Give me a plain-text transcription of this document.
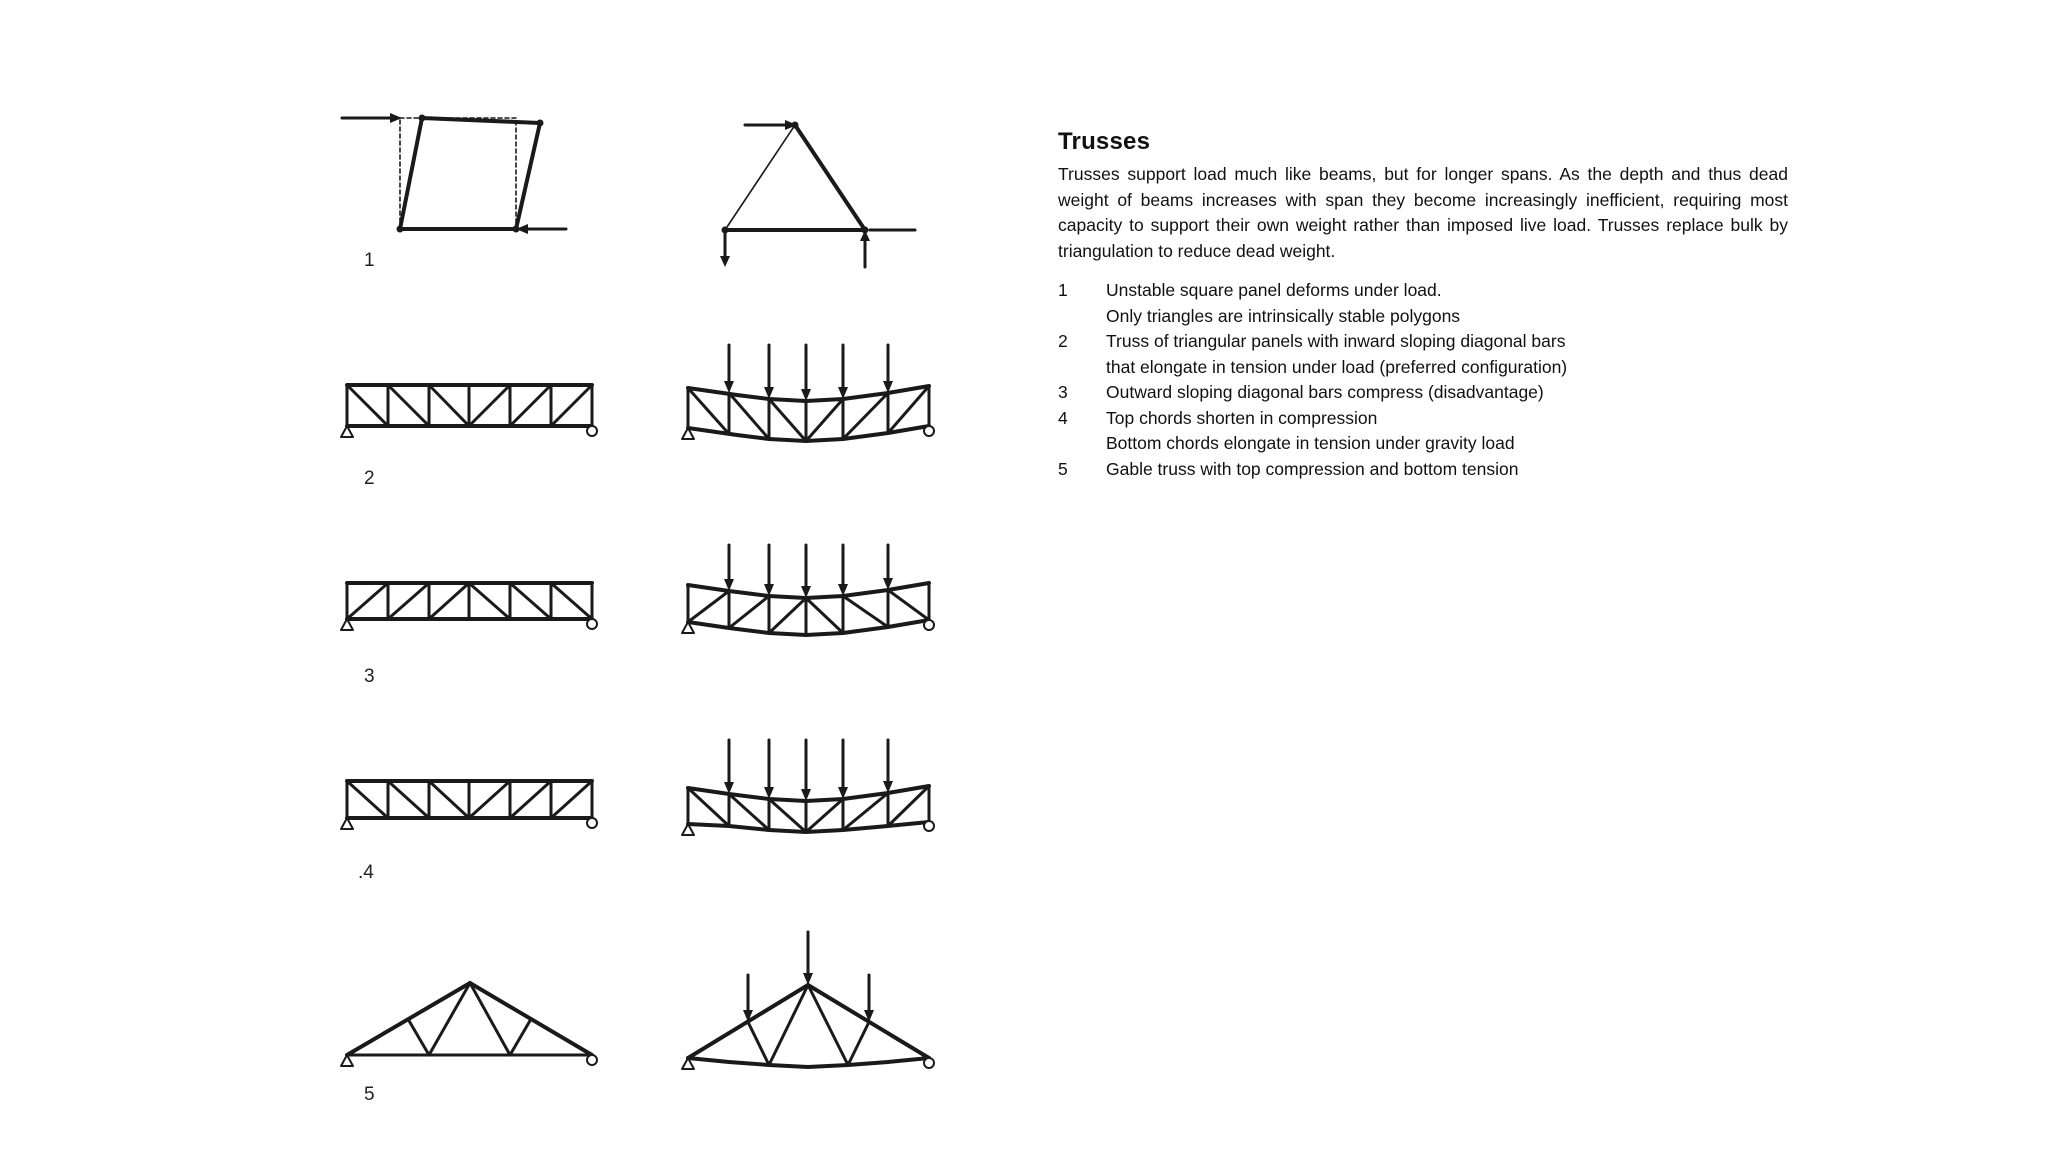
1
2
3
.4
5
Trusses

Trusses support load much like beams, but for longer spans. As the depth and thus dead weight of beams increases with span they become increasingly inefficient, requiring most capacity to support their own weight rather than imposed live load. Trusses replace bulk by triangulation to reduce dead weight.

1	Unstable square panel deforms under load.
Only triangles are intrinsically stable polygons
2	Truss of triangular panels with inward sloping diagonal bars
that elongate in tension under load (preferred configuration)
3	Outward sloping diagonal bars compress (disadvantage)
4	Top chords shorten in compression
Bottom chords elongate in tension under gravity load
5	Gable truss with top compression and bottom tension
